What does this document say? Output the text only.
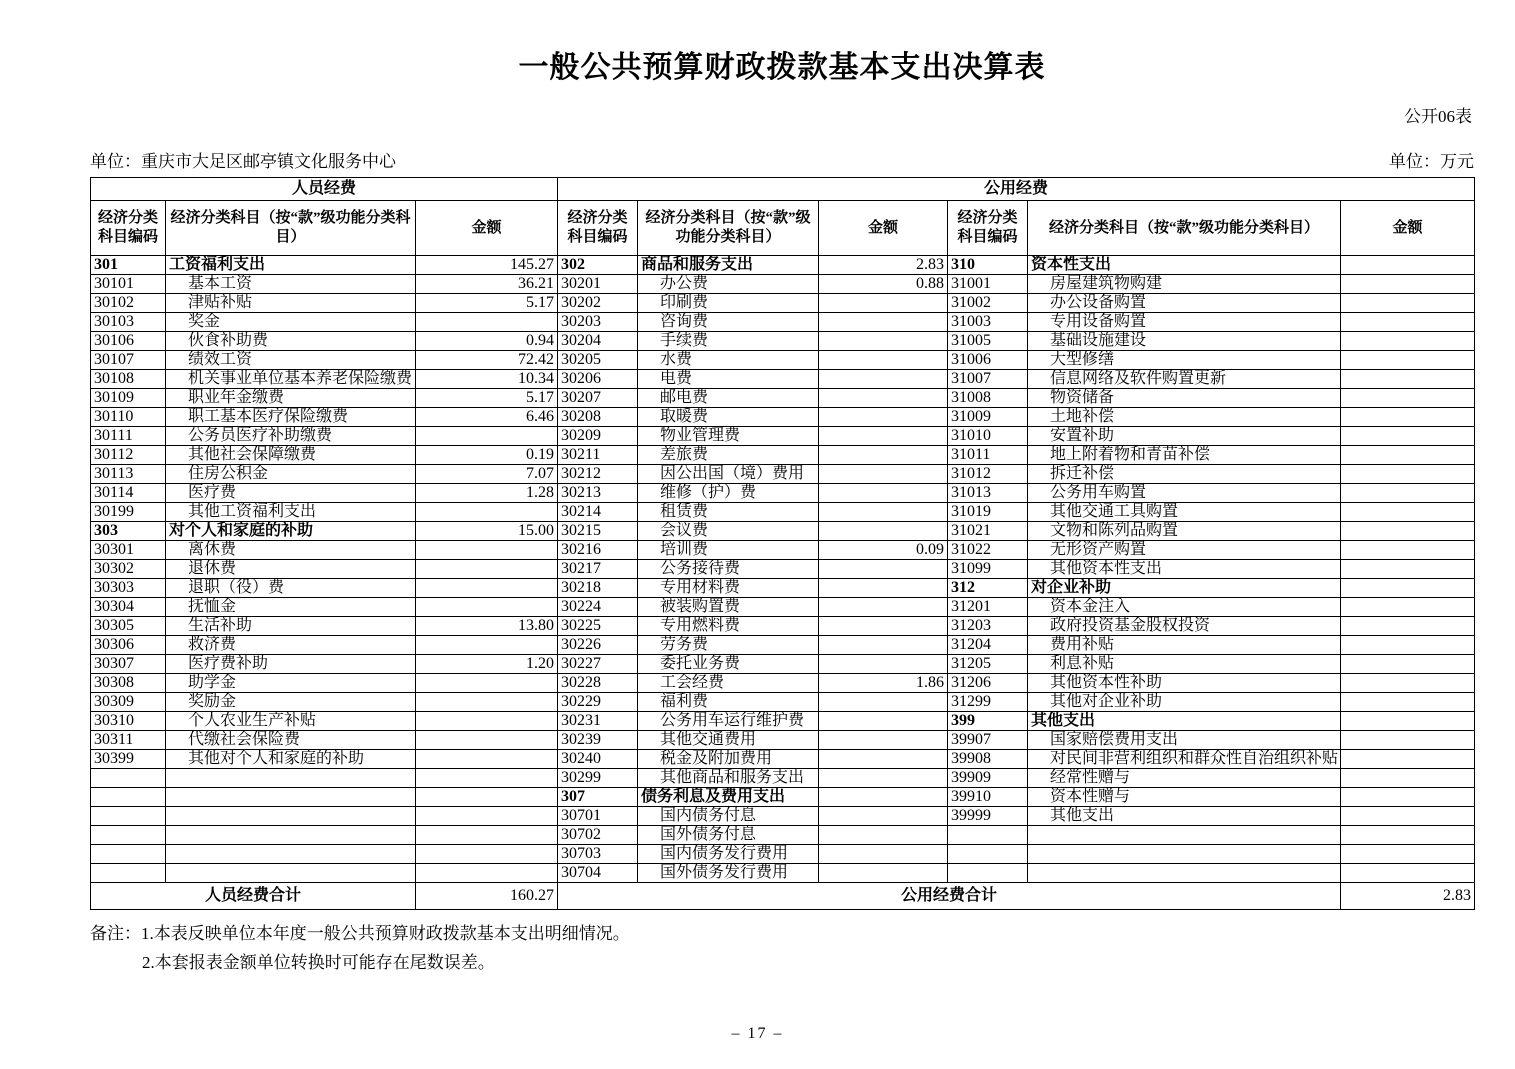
一般公共预算财政拨款基本支出决算表
公开06表
单位：重庆市大足区邮亭镇文化服务中心	单位：万元
人员经费			公用经费					
经济分类科目编码	经济分类科目（按“款”级功能分类科目）	金额	经济分类科目编码	经济分类科目（按“款”级功能分类科目）	金额	经济分类科目编码	经济分类科目（按“款”级功能分类科目）	金额
301	工资福利支出	145.27	302	商品和服务支出	2.83	310	资本性支出	
30101	基本工资	36.21	30201	办公费	0.88	31001	房屋建筑物购建	
30102	津贴补贴	5.17	30202	印刷费		31002	办公设备购置	
30103	奖金		30203	咨询费		31003	专用设备购置	
30106	伙食补助费	0.94	30204	手续费		31005	基础设施建设	
30107	绩效工资	72.42	30205	水费		31006	大型修缮	
30108	机关事业单位基本养老保险缴费	10.34	30206	电费		31007	信息网络及软件购置更新	
30109	职业年金缴费	5.17	30207	邮电费		31008	物资储备	
30110	职工基本医疗保险缴费	6.46	30208	取暖费		31009	土地补偿	
30111	公务员医疗补助缴费		30209	物业管理费		31010	安置补助	
30112	其他社会保障缴费	0.19	30211	差旅费		31011	地上附着物和青苗补偿	
30113	住房公积金	7.07	30212	因公出国（境）费用		31012	拆迁补偿	
30114	医疗费	1.28	30213	维修（护）费		31013	公务用车购置	
30199	其他工资福利支出		30214	租赁费		31019	其他交通工具购置	
303	对个人和家庭的补助	15.00	30215	会议费		31021	文物和陈列品购置	
30301	离休费		30216	培训费	0.09	31022	无形资产购置	
30302	退休费		30217	公务接待费		31099	其他资本性支出	
30303	退职（役）费		30218	专用材料费		312	对企业补助	
30304	抚恤金		30224	被装购置费		31201	资本金注入	
30305	生活补助	13.80	30225	专用燃料费		31203	政府投资基金股权投资	
30306	救济费		30226	劳务费		31204	费用补贴	
30307	医疗费补助	1.20	30227	委托业务费		31205	利息补贴	
30308	助学金		30228	工会经费	1.86	31206	其他资本性补助	
30309	奖励金		30229	福利费		31299	其他对企业补助	
30310	个人农业生产补贴		30231	公务用车运行维护费		399	其他支出	
30311	代缴社会保险费		30239	其他交通费用		39907	国家赔偿费用支出	
30399	其他对个人和家庭的补助		30240	税金及附加费用		39908	对民间非营利组织和群众性自治组织补贴	
			30299	其他商品和服务支出		39909	经常性赠与	
			307	债务利息及费用支出		39910	资本性赠与	
			30701	国内债务付息		39999	其他支出	
			30702	国外债务付息				
			30703	国内债务发行费用				
			30704	国外债务发行费用				
人员经费合计		160.27	公用经费合计					2.83
备注：1.本表反映单位本年度一般公共预算财政拨款基本支出明细情况。
2.本套报表金额单位转换时可能存在尾数误差。
– 17 –
